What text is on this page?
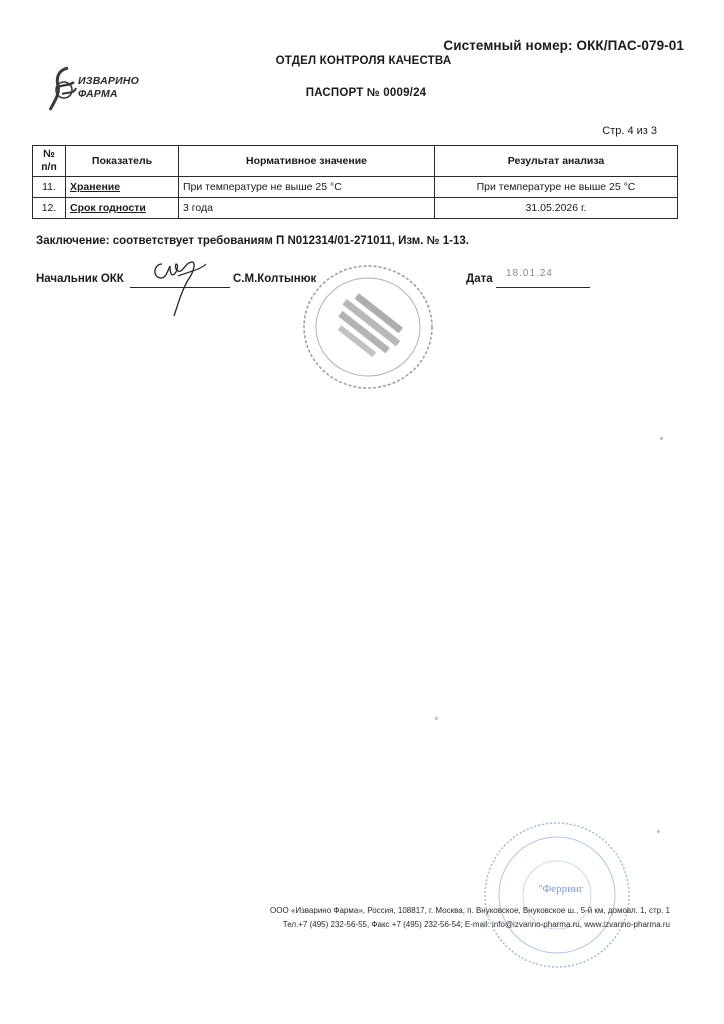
Системный номер: ОКК/ПАС-079-01
ИЗВАРИНО
ФАРМА
ОТДЕЛ КОНТРОЛЯ КАЧЕСТВА
ПАСПОРТ № 0009/24
Стр. 4 из 3
№
п/п	Показатель	Нормативное значение	Результат анализа
11.	Хранение	При температуре не выше 25 °С	При температуре не выше 25 °С
12.	Срок годности	3 года	31.05.2026 г.
Заключение: соответствует требованиям П N012314/01-271011, Изм. № 1-13.
Начальник ОКК	С.М.Колтынюк	Дата 18.01.24
"Ферринг
ООО «Изварино Фарма», Россия, 108817, г. Москва, п. Внуковское, Внуковское ш., 5-й км, домовл. 1, стр. 1
Тел.+7 (495) 232-56-55, Факс +7 (495) 232-56-54; E-mail: info@izvarino-pharma.ru, www.izvarino-pharma.ru
